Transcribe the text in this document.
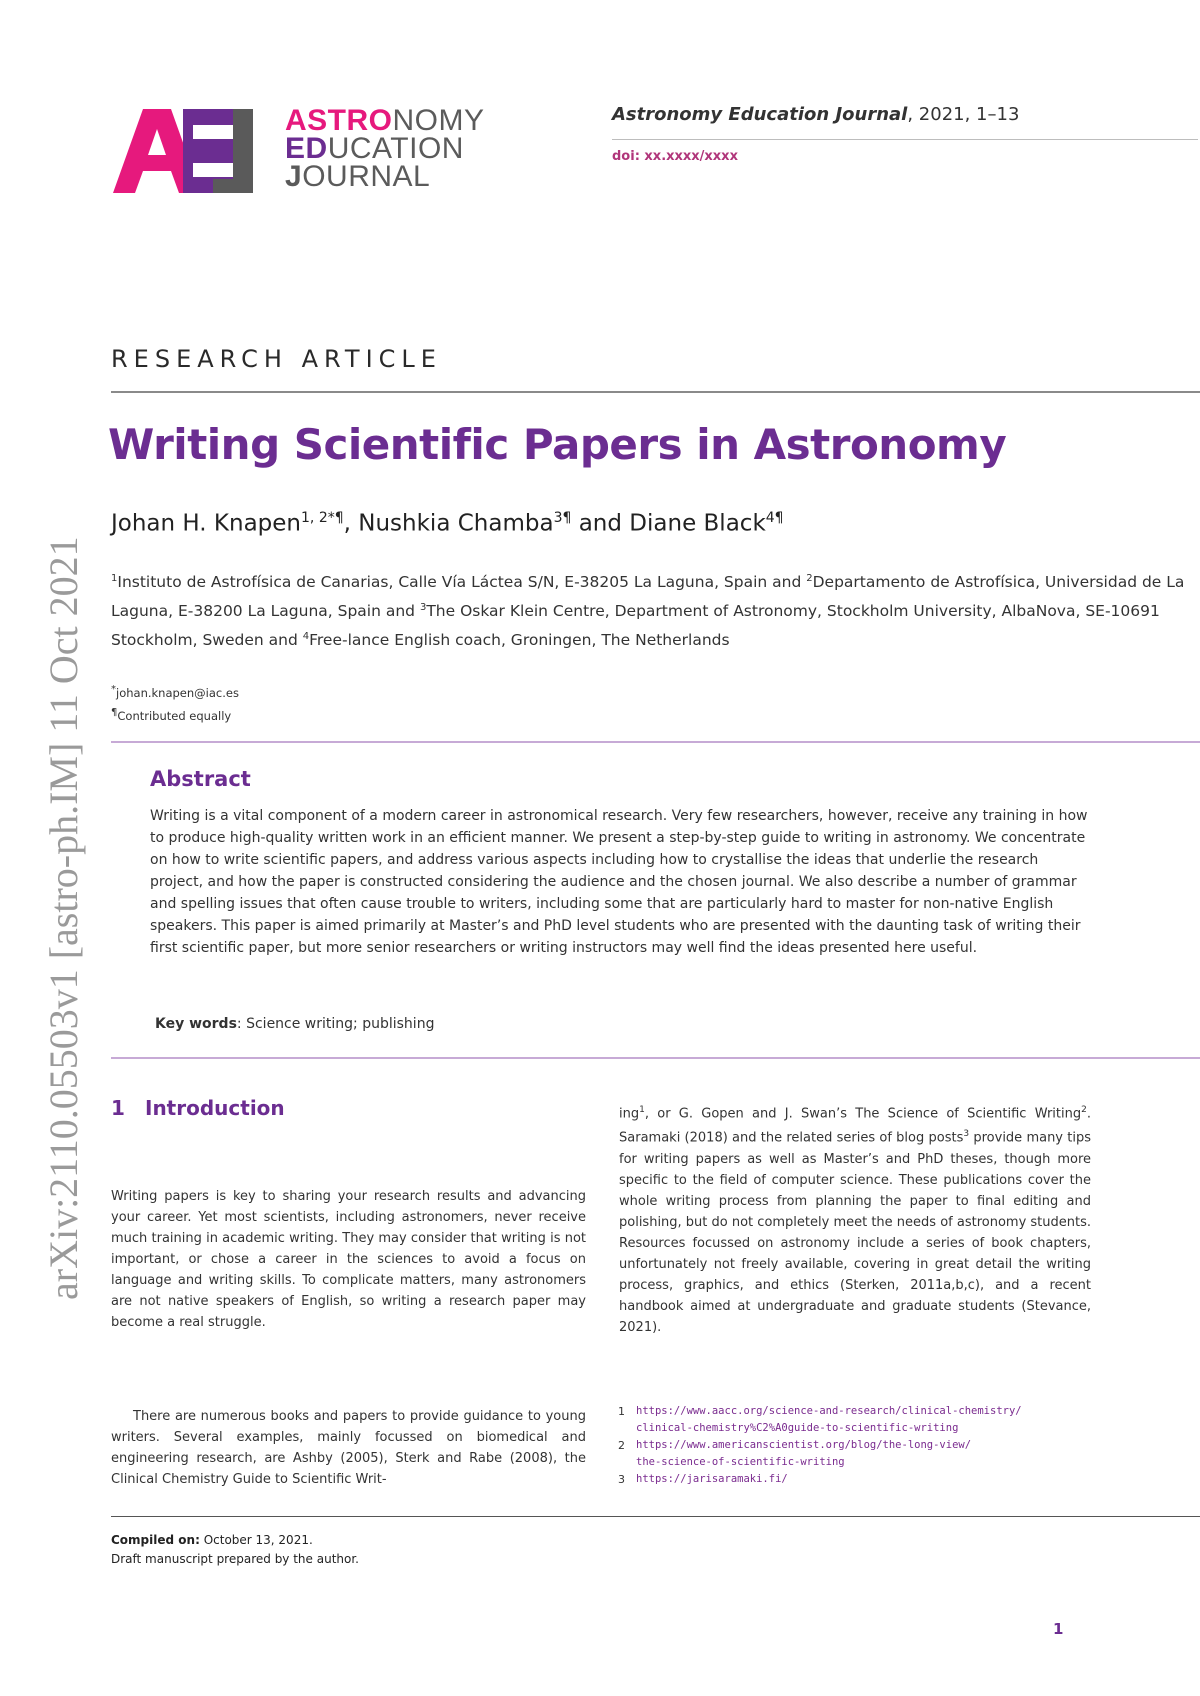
arXiv:2110.05503v1 [astro-ph.IM] 11 Oct 2021
ASTRONOMY
EDUCATION
JOURNAL
Astronomy Education Journal, 2021, 1–13
doi: xx.xxxx/xxxx
RESEARCH ARTICLE
Writing Scientific Papers in Astronomy
Johan H. Knapen$^{1, 2*\P}$, Nushkia Chamba$^{3\P}$ and Diane Black$^{4\P}$
$^1$Instituto de Astrofísica de Canarias, Calle Vía Láctea S/N, E-38205 La Laguna, Spain and $^2$Departamento de Astrofísica, Universidad de La Laguna, E-38200 La Laguna, Spain and $^3$The Oskar Klein Centre, Department of Astronomy, Stockholm University, AlbaNova, SE-10691 Stockholm, Sweden and $^4$Free-lance English coach, Groningen, The Netherlands
*johan.knapen@iac.es
¶Contributed equally
Abstract

Writing is a vital component of a modern career in astronomical research. Very few researchers, however, receive any training in how to produce high-quality written work in an efficient manner. We present a step-by-step guide to writing in astronomy. We concentrate on how to write scientific papers, and address various aspects including how to crystallise the ideas that underlie the research project, and how the paper is constructed considering the audience and the chosen journal. We also describe a number of grammar and spelling issues that often cause trouble to writers, including some that are particularly hard to master for non-native English speakers. This paper is aimed primarily at Master’s and PhD level students who are presented with the daunting task of writing their first scientific paper, but more senior researchers or writing instructors may well find the ideas presented here useful.

Key words: Science writing; publishing
1 Introduction

Writing papers is key to sharing your research results and advancing your career. Yet most scientists, including astronomers, never receive much training in academic writing. They may consider that writing is not important, or chose a career in the sciences to avoid a focus on language and writing skills. To complicate matters, many astronomers are not native speakers of English, so writing a research paper may become a real struggle.

There are numerous books and papers to provide guidance to young writers. Several examples, mainly focussed on biomedical and engineering research, are Ashby (2005), Sterk and Rabe (2008), the Clinical Chemistry Guide to Scientific Writ-

ing$^1$, or G. Gopen and J. Swan’s The Science of Scientific Writing$^2$. Saramaki (2018) and the related series of blog posts$^3$ provide many tips for writing papers as well as Master’s and PhD theses, though more specific to the field of computer science. These publications cover the whole writing process from planning the paper to final editing and polishing, but do not completely meet the needs of astronomy students. Resources focussed on astronomy include a series of book chapters, unfortunately not freely available, covering in great detail the writing process, graphics, and ethics (Sterken, 2011a,b,c), and a recent handbook aimed at undergraduate and graduate students (Stevance, 2021).

1	https://www.aacc.org/science-and-research/clinical-chemistry/
clinical-chemistry%C2%A0guide-to-scientific-writing
2	https://www.americanscientist.org/blog/the-long-view/
the-science-of-scientific-writing
3	https://jarisaramaki.fi/
Compiled on: October 13, 2021.
Draft manuscript prepared by the author.
1
